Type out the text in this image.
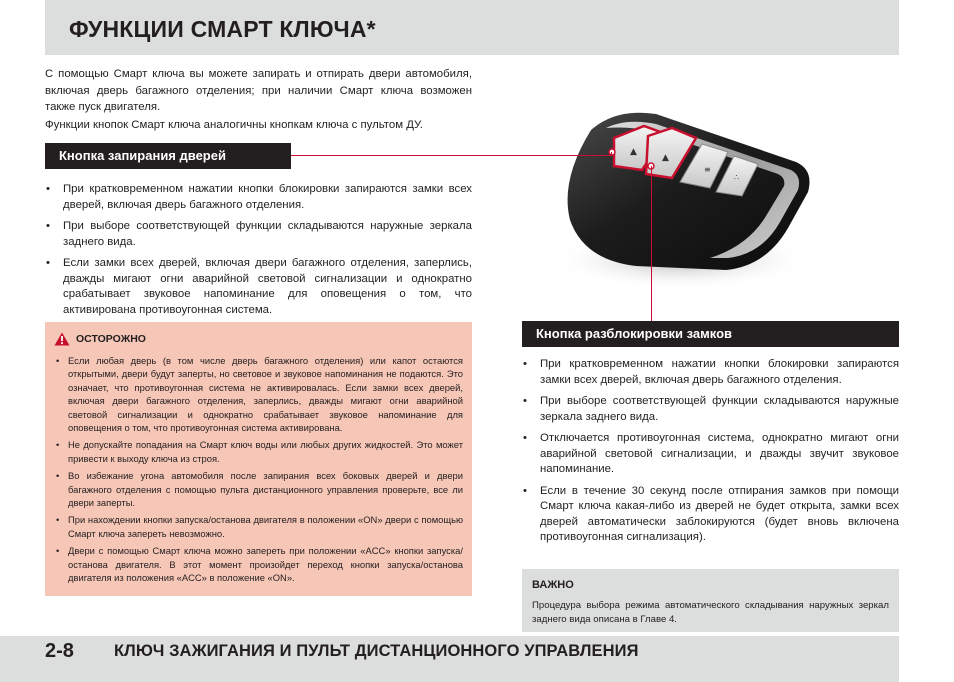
ФУНКЦИИ СМАРТ КЛЮЧА*

С помощью Смарт ключа вы можете запирать и отпирать двери автомобиля, включая дверь багажного отделения; при наличии Смарт ключа возможен также пуск двигателя.

Функции кнопок Смарт ключа аналогичны кнопкам ключа с пультом ДУ.

Кнопка запирания дверей
• При кратковременном нажатии кнопки блокировки запираются замки всех дверей, включая дверь багажного отделения.
• При выборе соответствующей функции складываются наружные зеркала заднего вида.
• Если замки всех дверей, включая двери багажного отделения, заперлись, дважды мигают огни аварийной световой сигнализации и однократно срабатывает звуковое напоминание для оповещения о том, что активирована противоугонная система.
ОСТОРОЖНО
• Если любая дверь (в том числе дверь багажного отделения) или капот остаются открытыми, двери будут заперты, но световое и звуковое напоминания не подаются. Это означает, что противоугонная система не активировалась. Если замки всех дверей, включая двери багажного отделения, заперлись, дважды мигают огни аварийной световой сигнализации и однократно срабатывает звуковое напоминание для оповещения о том, что противоугонная система активирована.
• Не допускайте попадания на Смарт ключ воды или любых других жидкостей. Это может привести к выходу ключа из строя.
• Во избежание угона автомобиля после запирания всех боковых дверей и двери багажного отделения с помощью пульта дистанционного управления проверьте, все ли двери заперты.
• При нахождении кнопки запуска/останова двигателя в положении «ON» двери с помощью Смарт ключа запереть невозможно.
• Двери с помощью Смарт ключа можно запереть при положении «ACC» кнопки запуска/останова двигателя. В этот момент произойдет переход кнопки запуска/останова двигателя из положения «ACC» в положение «ON».
▲
▲
≡
∴
Кнопка разблокировки замков
• При кратковременном нажатии кнопки блокировки запираются замки всех дверей, включая дверь багажного отделения.
• При выборе соответствующей функции складываются наружные зеркала заднего вида.
• Отключается противоугонная система, однократно мигают огни аварийной световой сигнализации, и дважды звучит звуковое напоминание.
• Если в течение 30 секунд после отпирания замков при помощи Смарт ключа какая-либо из дверей не будет открыта, замки всех дверей автоматически заблокируются (будет вновь включена противоугонная сигнализация).
ВАЖНО
Процедура выбора режима автоматического складывания наружных зеркал заднего вида описана в Главе 4.
2-8 КЛЮЧ ЗАЖИГАНИЯ И ПУЛЬТ ДИСТАНЦИОННОГО УПРАВЛЕНИЯ
